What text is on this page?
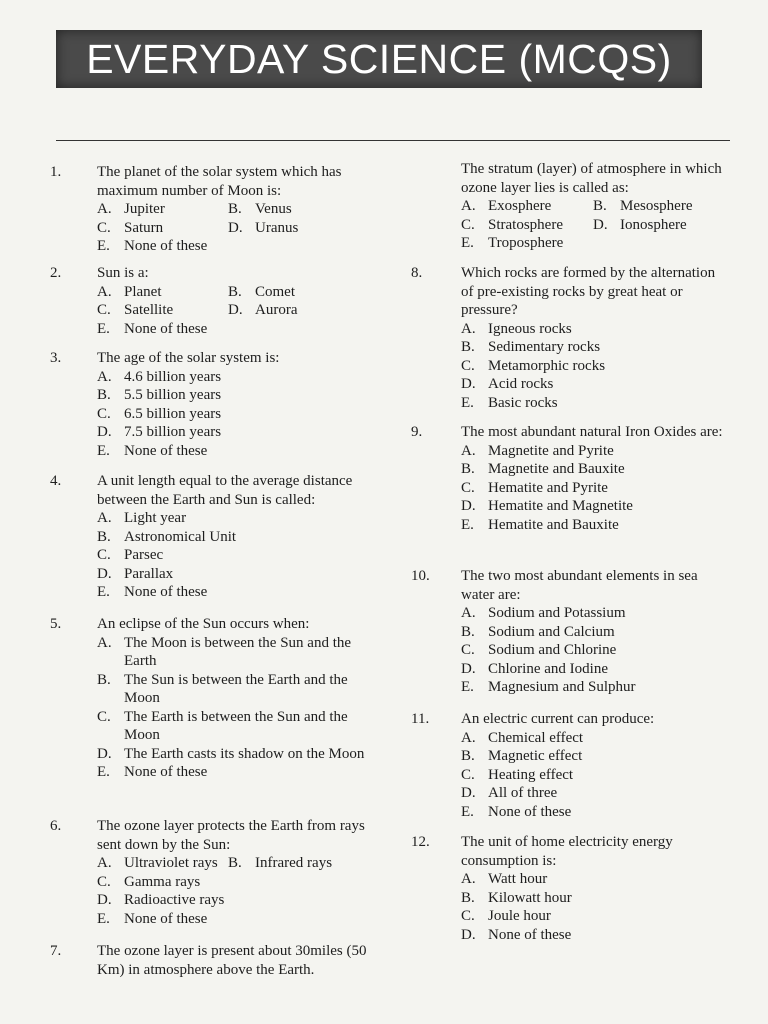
EVERYDAY SCIENCE (MCQS)
1.	The planet of the solar system which has maximum number of Moon is:

A. Jupiter	B. Venus
C. Saturn	D. Uranus
E. None of these
2.	Sun is a:

A. Planet	B. Comet
C. Satellite	D. Aurora
E. None of these
3.	The age of the solar system is:

A. 4.6 billion years
B. 5.5 billion years
C. 6.5 billion years
D. 7.5 billion years
E. None of these
4.	A unit length equal to the average distance between the Earth and Sun is called:

A. Light year
B. Astronomical Unit
C. Parsec
D. Parallax
E. None of these
5.	An eclipse of the Sun occurs when:

A. The Moon is between the Sun and the Earth
B. The Sun is between the Earth and the Moon
C. The Earth is between the Sun and the Moon
D. The Earth casts its shadow on the Moon
E. None of these
6.	The ozone layer protects the Earth from rays sent down by the Sun:

A. Ultraviolet rays B. Infrared rays
C. Gamma rays
D. Radioactive rays
E. None of these
7.	The ozone layer is present about 30miles (50 Km) in atmosphere above the Earth.

The stratum (layer) of atmosphere in which ozone layer lies is called as:

A. Exosphere	B. Mesosphere
C. Stratosphere D. Ionosphere
E. Troposphere
8.	Which rocks are formed by the alternation of pre-existing rocks by great heat or pressure?

A. Igneous rocks
B. Sedimentary rocks
C. Metamorphic rocks
D. Acid rocks
E. Basic rocks
9.	The most abundant natural Iron Oxides are:

A. Magnetite and Pyrite
B. Magnetite and Bauxite
C. Hematite and Pyrite
D. Hematite and Magnetite
E. Hematite and Bauxite
10.	The two most abundant elements in sea water are:

A. Sodium and Potassium
B. Sodium and Calcium
C. Sodium and Chlorine
D. Chlorine and Iodine
E. Magnesium and Sulphur
11.	An electric current can produce:

A. Chemical effect
B. Magnetic effect
C. Heating effect
D. All of three
E. None of these
12.	The unit of home electricity energy consumption is:

A. Watt hour
B. Kilowatt hour
C. Joule hour
D. None of these
